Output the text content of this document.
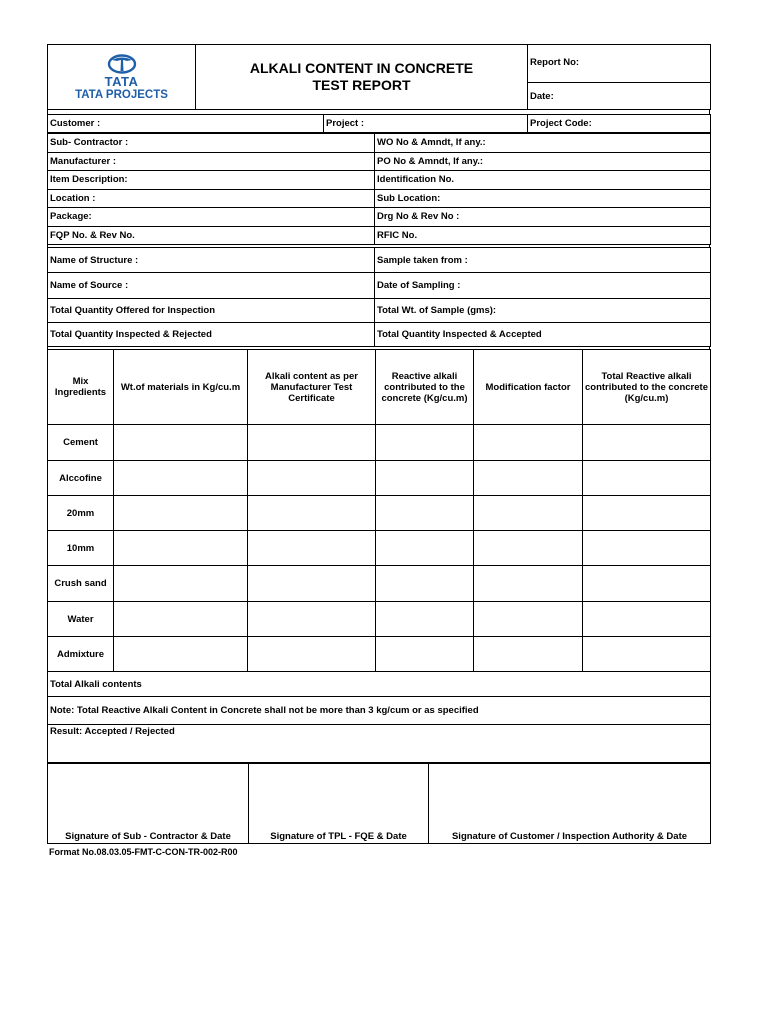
TATA
TATA PROJECTS

ALKALI CONTENT IN CONCRETE
TEST REPORT
	Report No:
Date:
Customer :	Project :	Project Code:
Sub- Contractor :	WO No & Amndt, If any.:
Manufacturer :	PO No & Amndt, If any.:
Item Description:	Identification No.
Location :	Sub Location:
Package:	Drg No & Rev No :
FQP No. & Rev No.	RFIC No.
Name of Structure :	Sample taken from :
Name of Source :	Date of Sampling :
Total Quantity Offered for Inspection	Total Wt. of Sample (gms):
Total Quantity Inspected & Rejected	Total Quantity Inspected & Accepted
Mix Ingredients	Wt.of materials in Kg/cu.m	Alkali content as per Manufacturer Test Certificate	Reactive alkali contributed to the concrete (Kg/cu.m)	Modification factor	Total Reactive alkali contributed to the concrete (Kg/cu.m)
Cement					
Alccofine					
20mm					
10mm					
Crush sand					
Water					
Admixture					
Total Alkali contents					
Note: Total Reactive Alkali Content in Concrete shall not be more than 3 kg/cum or as specified					
Result: Accepted / Rejected					
Signature of Sub - Contractor & Date	Signature of TPL - FQE & Date	Signature of Customer / Inspection Authority & Date
Format No.08.03.05-FMT-C-CON-TR-002-R00
